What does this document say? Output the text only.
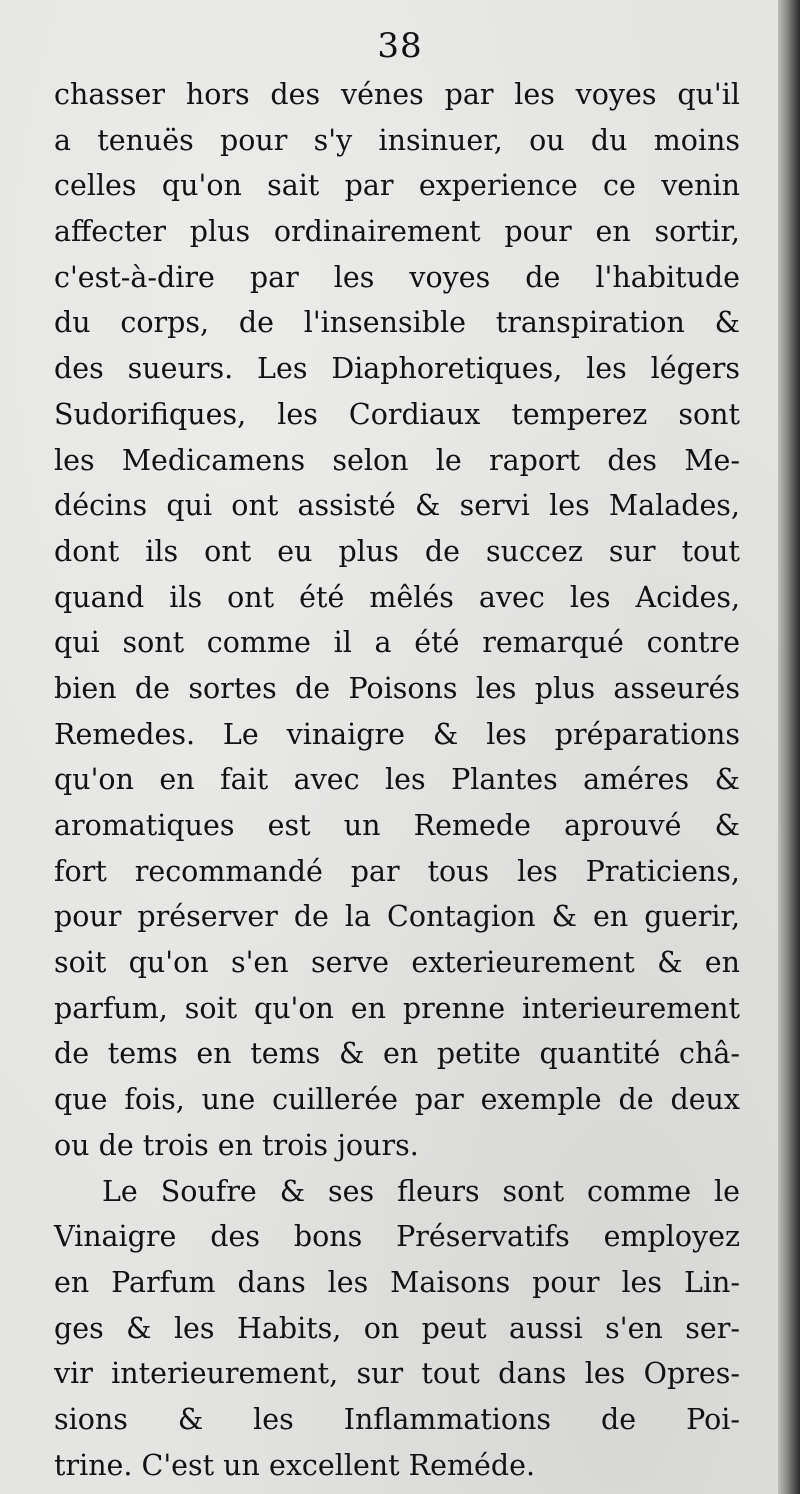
38
chasser hors des vénes par les voyes qu'il
a tenuës pour s'y insinuer, ou du moins
celles qu'on sait par experience ce venin
affecter plus ordinairement pour en sortir,
c'est-à-dire par les voyes de l'habitude
du corps, de l'insensible transpiration &
des sueurs. Les Diaphoretiques, les légers
Sudorifiques, les Cordiaux temperez sont
les Medicamens selon le raport des Me-
décins qui ont assisté & servi les Malades,
dont ils ont eu plus de succez sur tout
quand ils ont été mêlés avec les Acides,
qui sont comme il a été remarqué contre
bien de sortes de Poisons les plus asseurés
Remedes. Le vinaigre & les préparations
qu'on en fait avec les Plantes améres &
aromatiques est un Remede aprouvé &
fort recommandé par tous les Praticiens,
pour préserver de la Contagion & en guerir,
soit qu'on s'en serve exterieurement & en
parfum, soit qu'on en prenne interieurement
de tems en tems & en petite quantité châ-
que fois, une cuillerée par exemple de deux
ou de trois en trois jours.
Le Soufre & ses fleurs sont comme le
Vinaigre des bons Préservatifs employez
en Parfum dans les Maisons pour les Lin-
ges & les Habits, on peut aussi s'en ser-
vir interieurement, sur tout dans les Opres-
sions & les Inflammations de Poi-
trine. C'est un excellent Reméde.
